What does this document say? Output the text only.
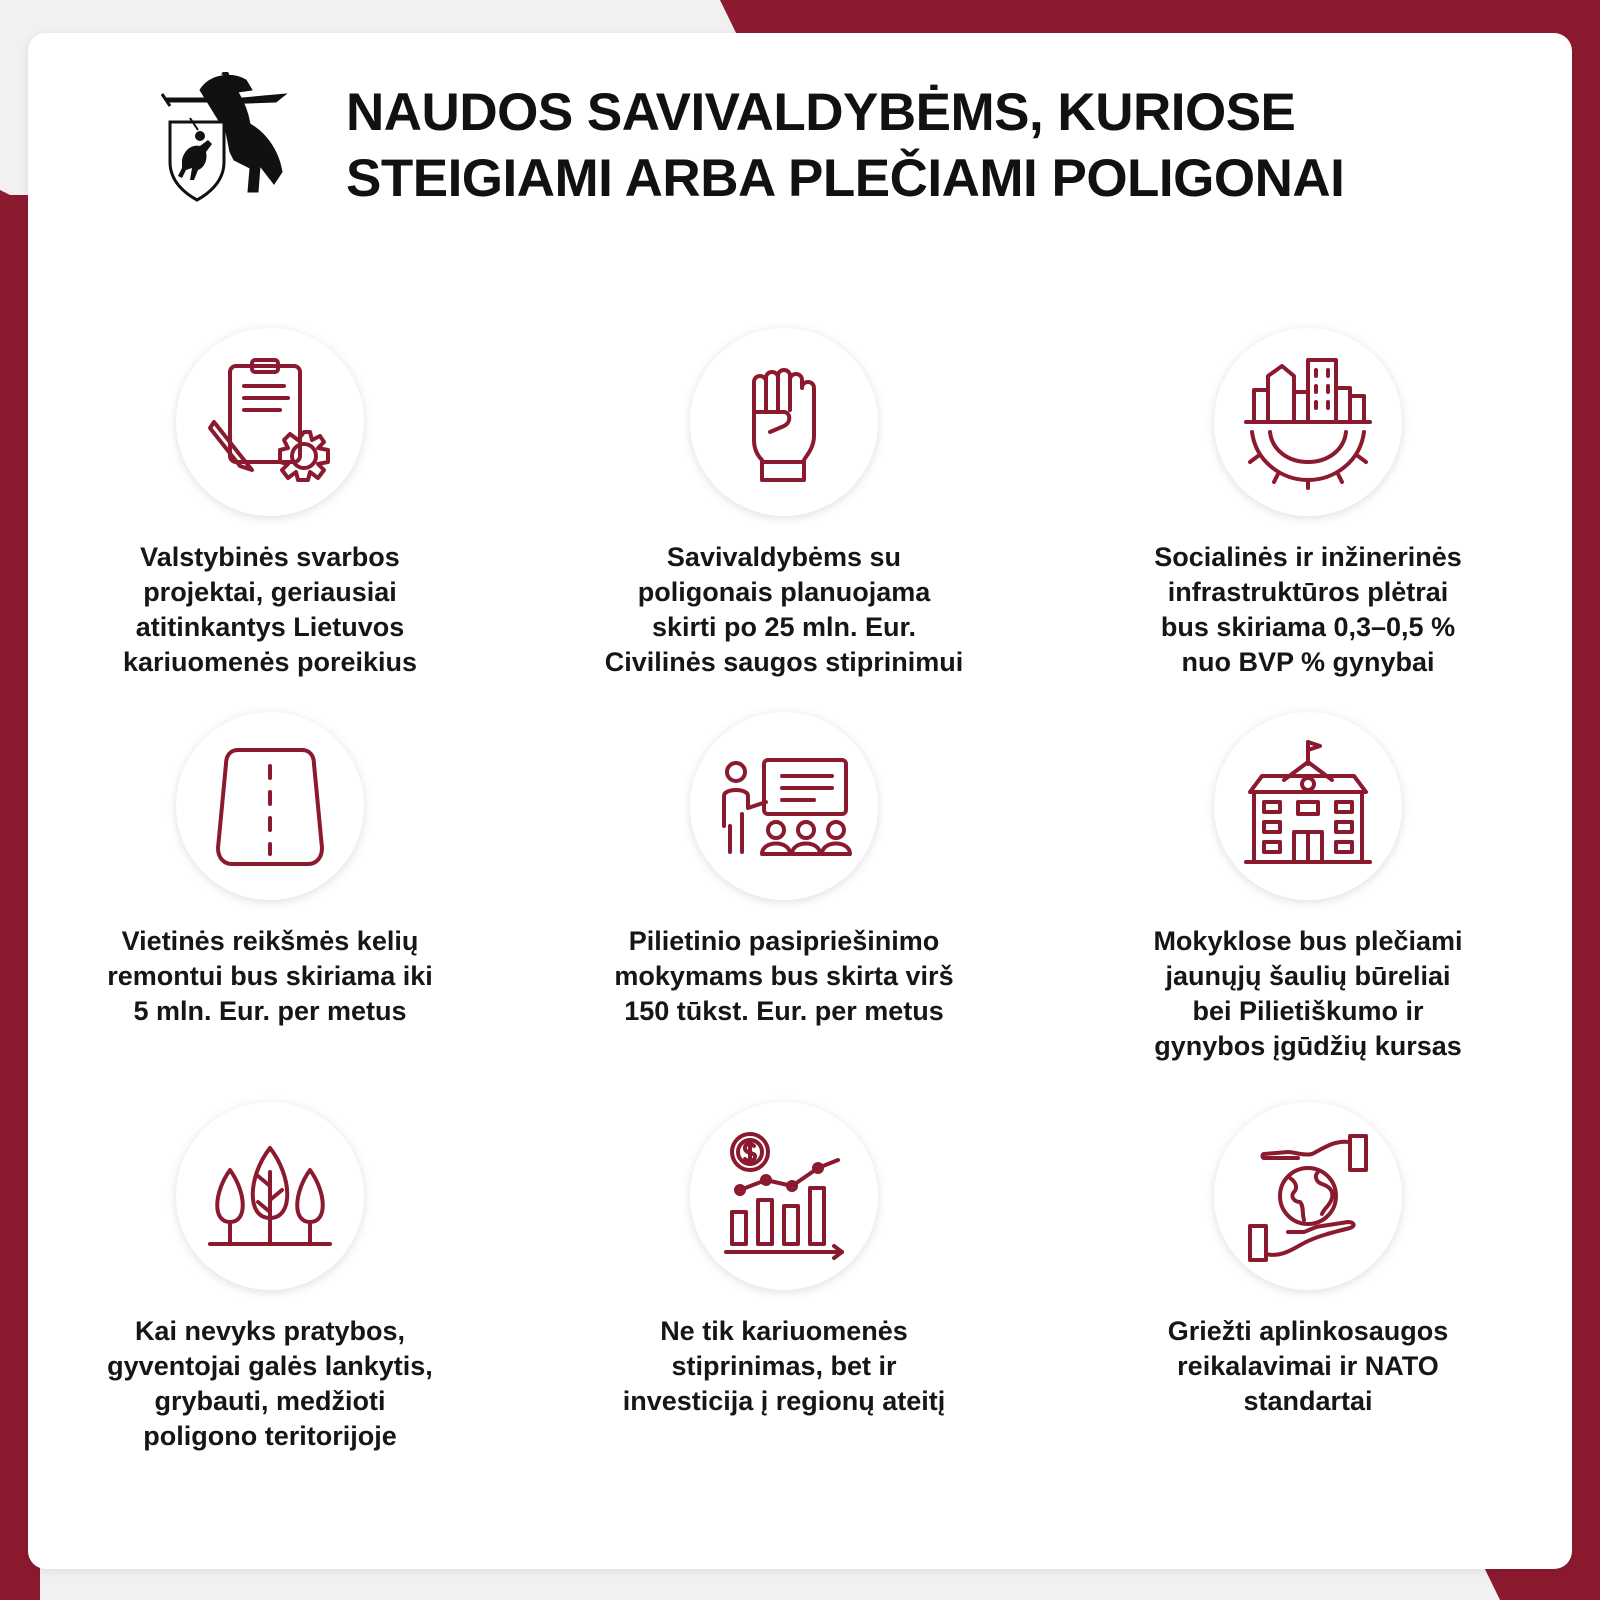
NAUDOS SAVIVALDYBĖMS, KURIOSE
STEIGIAMI ARBA PLEČIAMI POLIGONAI
Valstybinės svarbos
projektai, geriausiai
atitinkantys Lietuvos
kariuomenės poreikius
Savivaldybėms su
poligonais planuojama
skirti po 25 mln. Eur.
Civilinės saugos stiprinimui
Socialinės ir inžinerinės
infrastruktūros plėtrai
bus skiriama 0,3–0,5 %
nuo BVP % gynybai
Vietinės reikšmės kelių
remontui bus skiriama iki
5 mln. Eur. per metus
Pilietinio pasipriešinimo
mokymams bus skirta virš
150 tūkst. Eur. per metus
Mokyklose bus plečiami
jaunųjų šaulių būreliai
bei Pilietiškumo ir
gynybos įgūdžių kursas
Kai nevyks pratybos,
gyventojai galės lankytis,
grybauti, medžioti
poligono teritorijoje
Ne tik kariuomenės
stiprinimas, bet ir
investicija į regionų ateitį
Griežti aplinkosaugos
reikalavimai ir NATO
standartai
